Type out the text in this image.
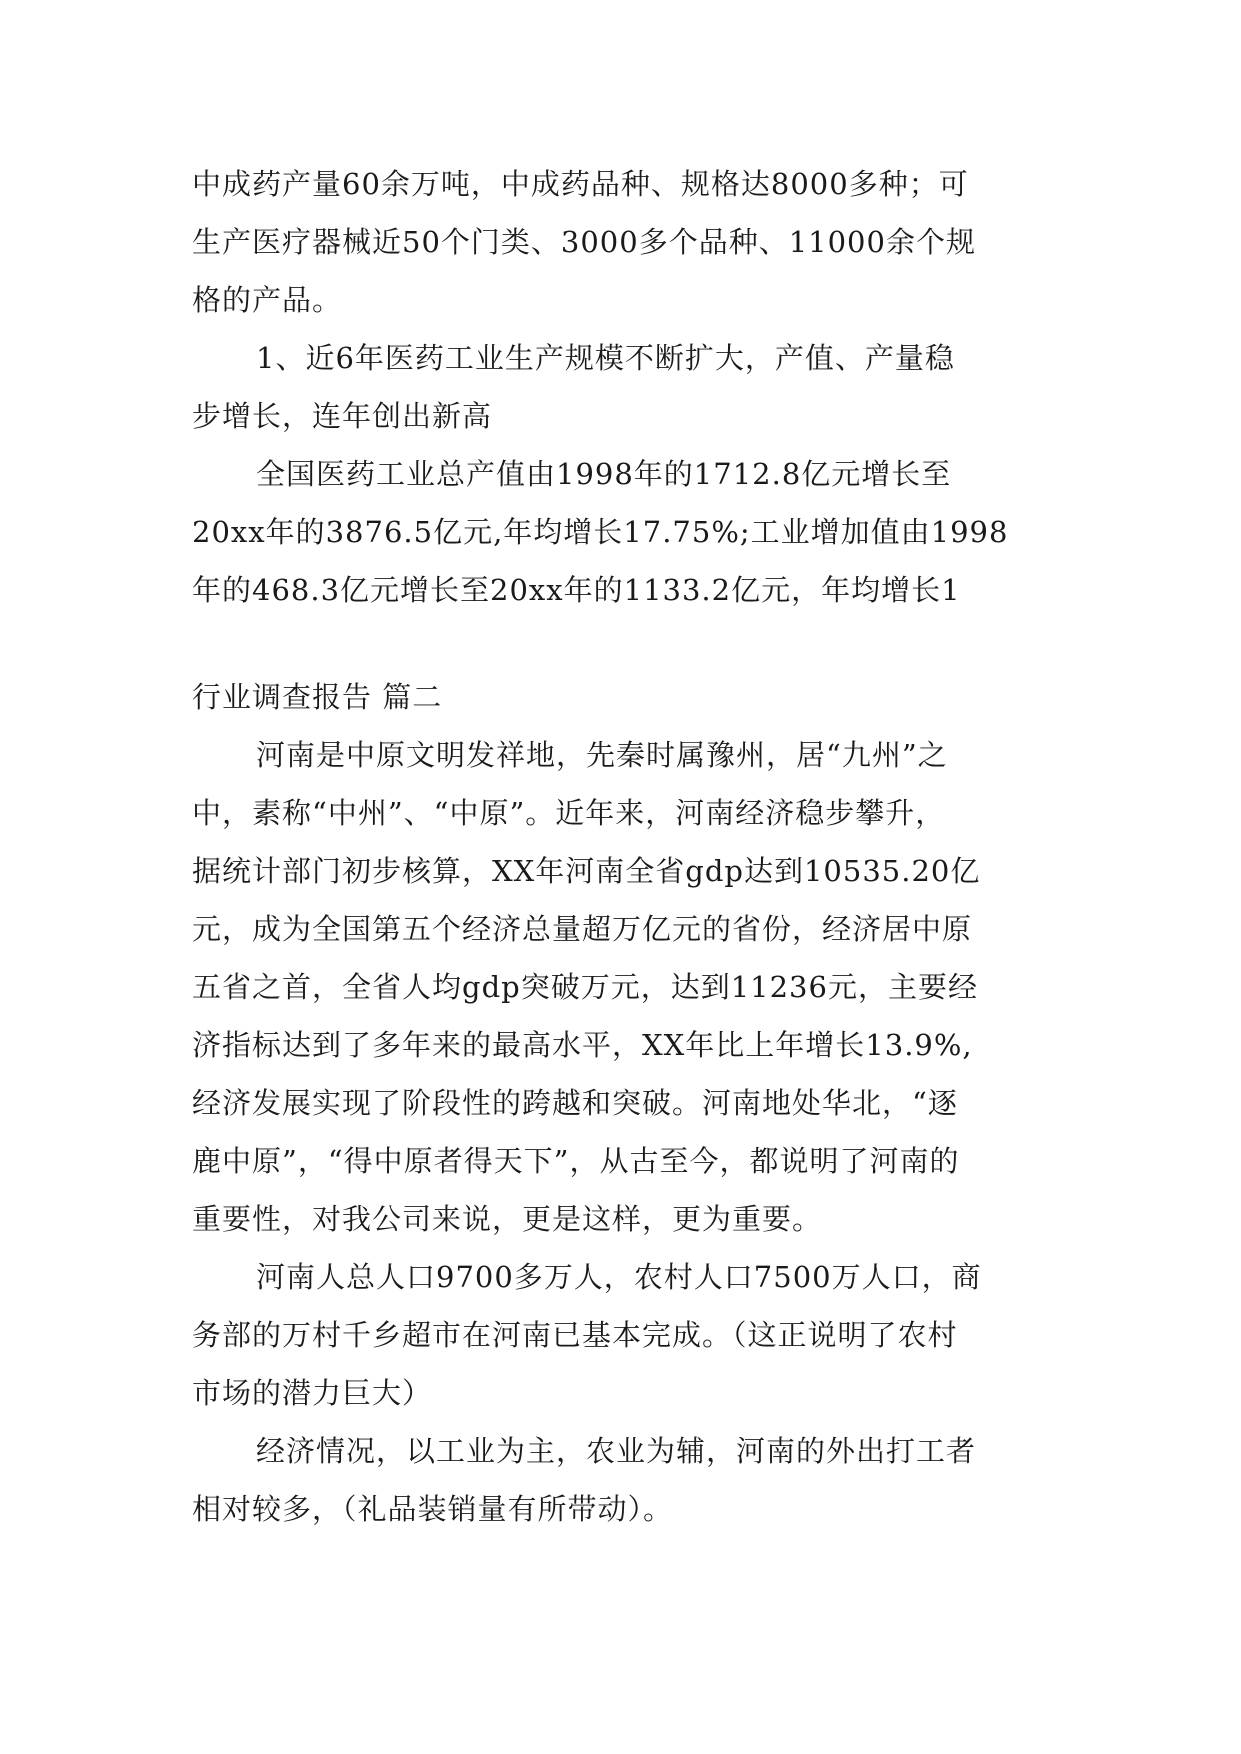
中成药产量60余万吨，中成药品种、规格达8000多种；可
生产医疗器械近50个门类、3000多个品种、11000余个规
格的产品。
1、近6年医药工业生产规模不断扩大，产值、产量稳
步增长，连年创出新高
全国医药工业总产值由1998年的1712.8亿元增长至
20xx年的3876.5亿元,年均增长17.75%;工业增加值由1998
年的468.3亿元增长至20xx年的1133.2亿元，年均增长1
行业调查报告 篇二
河南是中原文明发祥地，先秦时属豫州，居“九州”之
中，素称“中州”、“中原”。近年来，河南经济稳步攀升，
据统计部门初步核算，XX年河南全省gdp达到10535.20亿
元，成为全国第五个经济总量超万亿元的省份，经济居中原
五省之首，全省人均gdp突破万元，达到11236元，主要经
济指标达到了多年来的最高水平，XX年比上年增长13.9%,
经济发展实现了阶段性的跨越和突破。河南地处华北，“逐
鹿中原”，“得中原者得天下”，从古至今，都说明了河南的
重要性，对我公司来说，更是这样，更为重要。
河南人总人口9700多万人，农村人口7500万人口，商
务部的万村千乡超市在河南已基本完成。（这正说明了农村
市场的潜力巨大）
经济情况，以工业为主，农业为辅，河南的外出打工者
相对较多，（礼品装销量有所带动）。
